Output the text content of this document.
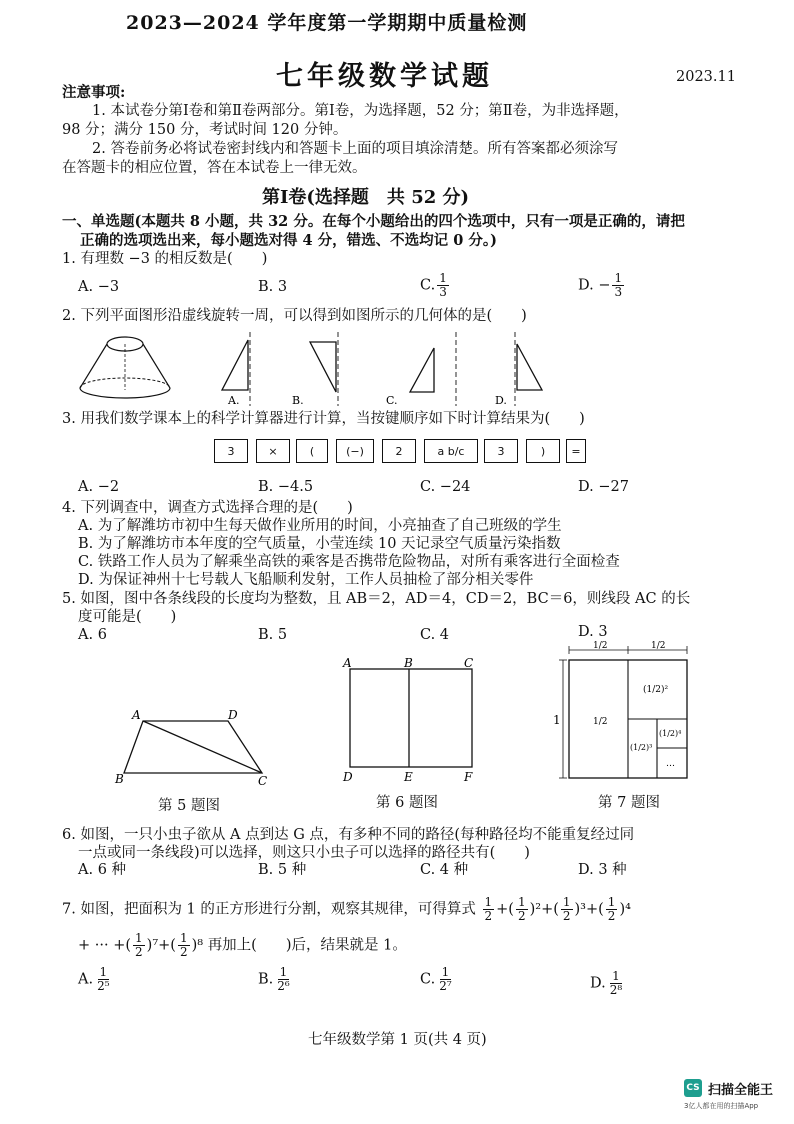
2023—2024 学年度第一学期期中质量检测
七年级数学试题	2023.11
注意事项:
1. 本试卷分第Ⅰ卷和第Ⅱ卷两部分。第Ⅰ卷，为选择题，52 分；第Ⅱ卷，为非选择题，
98 分；满分 150 分，考试时间 120 分钟。
2. 答卷前务必将试卷密封线内和答题卡上面的项目填涂清楚。所有答案都必须涂写
在答题卡的相应位置，答在本试卷上一律无效。
第Ⅰ卷(选择题　共 52 分)
一、单选题(本题共 8 小题，共 32 分。在每个小题给出的四个选项中，只有一项是正确的，请把
正确的选项选出来，每小题选对得 4 分，错选、不选均记 0 分。)
1. 有理数 −3 的相反数是(　　)
A. −3	B. 3	C. $\frac{1}{3}$	D. − $\frac{1}{3}$
2. 下列平面图形沿虚线旋转一周，可以得到如图所示的几何体的是(　　)
A.	B.	C.	D.
3. 用我们数学课本上的科学计算器进行计算，当按键顺序如下时计算结果为(　　)
3	×	(	(−)	2	a b/c	3	)	=
A. −2	B. −4.5	C. −24	D. −27
4. 下列调查中，调查方式选择合理的是(　　)
A. 为了解潍坊市初中生每天做作业所用的时间，小亮抽查了自己班级的学生
B. 为了解潍坊市本年度的空气质量，小莹连续 10 天记录空气质量污染指数
C. 铁路工作人员为了解乘坐高铁的乘客是否携带危险物品，对所有乘客进行全面检查
D. 为保证神州十七号载人飞船顺利发射，工作人员抽检了部分相关零件
5. 如图，图中各条线段的长度均为整数，且 AB＝2，AD＝4，CD＝2，BC＝6，则线段 AC 的长
度可能是(　　)
A. 6	B. 5	C. 4	D. 3
A	D
B	C
第 5 题图
A	B	C
D	E	F
第 6 题图
1/2	1/2
1	1/2
(1/2)²
(1/2)³
(1/2)⁴
…
第 7 题图
6. 如图，一只小虫子欲从 A 点到达 G 点，有多种不同的路径(每种路径均不能重复经过同
一点或同一条线段)可以选择，则这只小虫子可以选择的路径共有(　　)
A. 6 种	B. 5 种	C. 4 种	D. 3 种
7. 如图，把面积为 1 的正方形进行分割，观察其规律，可得算式 $\frac{1}{2}$ +( $\frac{1}{2} )^2+( \frac{1}{2} )^3+( \frac{1}{2} )^4$
+ ··· +( $\frac{1}{2} )^7+( \frac{1}{2} )^8$ 再加上(　　)后，结果就是 1。
A. $\frac{1}{\text{2⁵}}$	B. $\frac{1}{\text{2⁶}}$	C. $\frac{1}{\text{2⁷}}$	D. $\frac{1}{\text{2⁸}}$
七年级数学第 1 页(共 4 页)
CS 扫描全能王
3亿人都在用的扫描App
